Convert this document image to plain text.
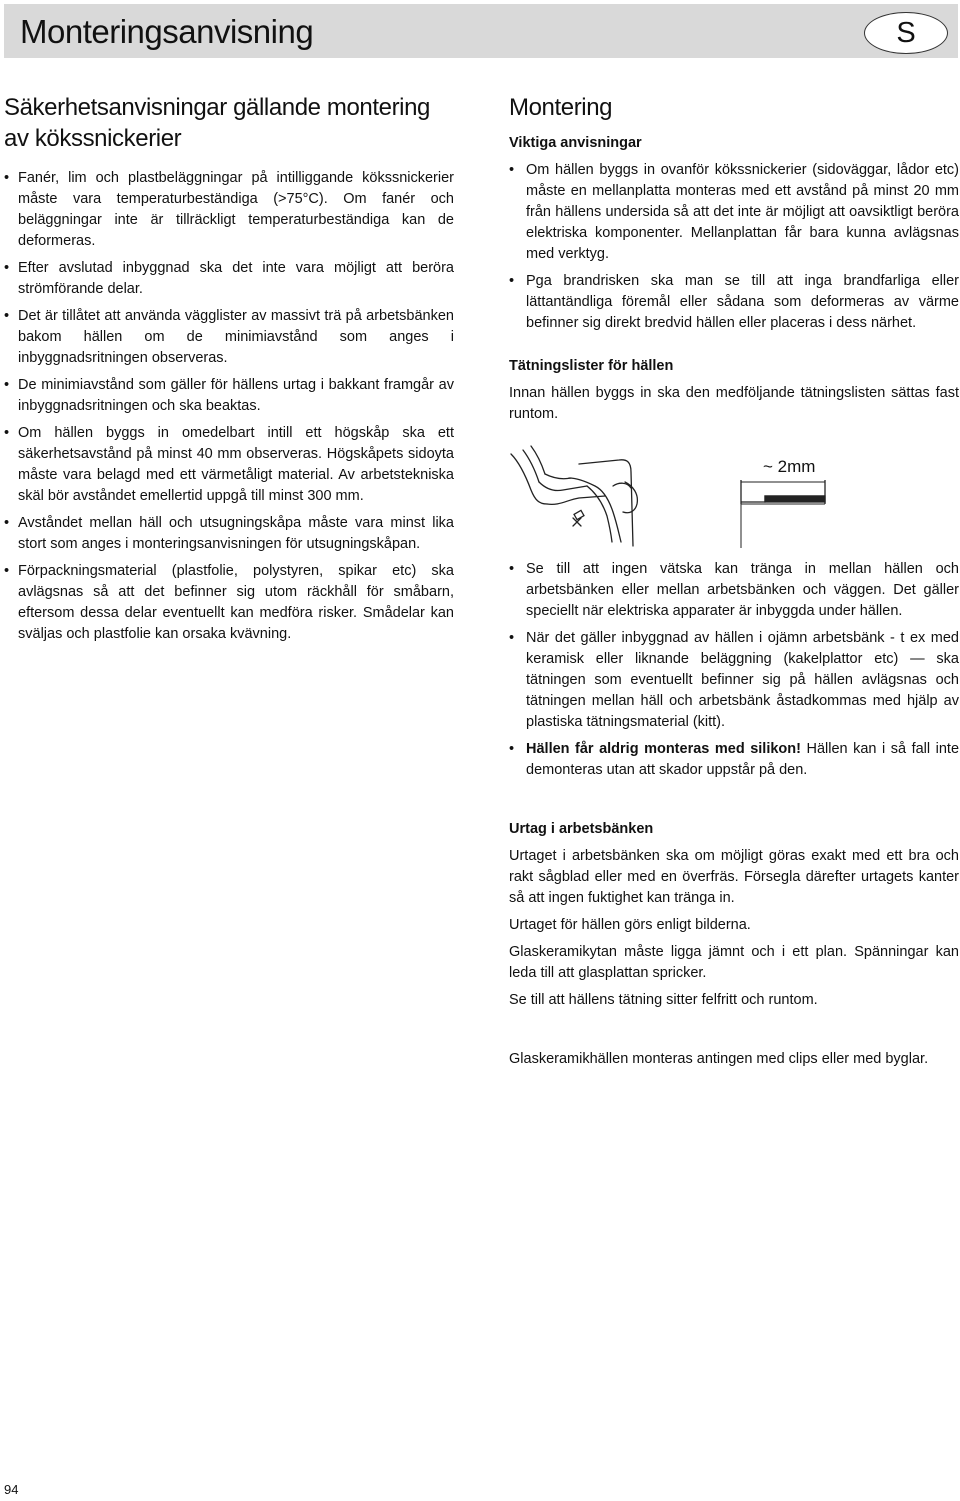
Monteringsanvisning	S
Säkerhetsanvisningar gällande montering av kökssnickerier
• Fanér, lim och plastbeläggningar på intilliggande kökssnickerier måste vara temperaturbeständiga (>75°C). Om fanér och beläggningar inte är tillräckligt temperaturbeständiga kan de deformeras.
• Efter avslutad inbyggnad ska det inte vara möjligt att beröra strömförande delar.
• Det är tillåtet att använda vägglister av massivt trä på arbetsbänken bakom hällen om de minimiavstånd som anges i inbyggnadsritningen observeras.
• De minimiavstånd som gäller för hällens urtag i bakkant framgår av inbyggnadsritningen och ska beaktas.
• Om hällen byggs in omedelbart intill ett högskåp ska ett säkerhetsavstånd på minst 40 mm observeras. Högskåpets sidoyta måste vara belagd med ett värmetåligt material. Av arbetstekniska skäl bör avståndet emellertid uppgå till minst 300 mm.
• Avståndet mellan häll och utsugningskåpa måste vara minst lika stort som anges i monteringsanvisningen för utsugningskåpan.
• Förpackningsmaterial (plastfolie, polystyren, spikar etc) ska avlägsnas så att det befinner sig utom räckhåll för småbarn, eftersom dessa delar eventuellt kan medföra risker. Smådelar kan sväljas och plastfolie kan orsaka kvävning.
Montering
Viktiga anvisningar
• Om hällen byggs in ovanför kökssnickerier (sidoväggar, lådor etc) måste en mellanplatta monteras med ett avstånd på minst 20 mm från hällens undersida så att det inte är möjligt att oavsiktligt beröra elektriska komponenter. Mellanplattan får bara kunna avlägsnas med verktyg.
• Pga brandrisken ska man se till att inga brandfarliga eller lättantändliga föremål eller sådana som deformeras av värme befinner sig direkt bredvid hällen eller placeras i dess närhet.
Tätningslister för hällen

Innan hällen byggs in ska den medföljande tätningslisten sättas fast runtom.

• Se till att ingen vätska kan tränga in mellan hällen och arbetsbänken eller mellan arbetsbänken och väggen. Det gäller speciellt när elektriska apparater är inbyggda under hällen.
• När det gäller inbyggnad av hällen i ojämn arbetsbänk - t ex med keramisk eller liknande beläggning (kakelplattor etc) — ska tätningen som eventuellt befinner sig på hällen avlägsnas och tätningen mellan häll och arbetsbänk åstadkommas med hjälp av plastiska tätningsmaterial (kitt).
• Hällen får aldrig monteras med silikon! Hällen kan i så fall inte demonteras utan att skador uppstår på den.
Urtag i arbetsbänken

Urtaget i arbetsbänken ska om möjligt göras exakt med ett bra och rakt sågblad eller med en överfräs. Försegla därefter urtagets kanter så att ingen fuktighet kan tränga in.

Urtaget för hällen görs enligt bilderna.

Glaskeramikytan måste ligga jämnt och i ett plan. Spänningar kan leda till att glasplattan spricker.

Se till att hällens tätning sitter felfritt och runtom.

Glaskeramikhällen monteras antingen med clips eller med byglar.

~ 2mm
94
